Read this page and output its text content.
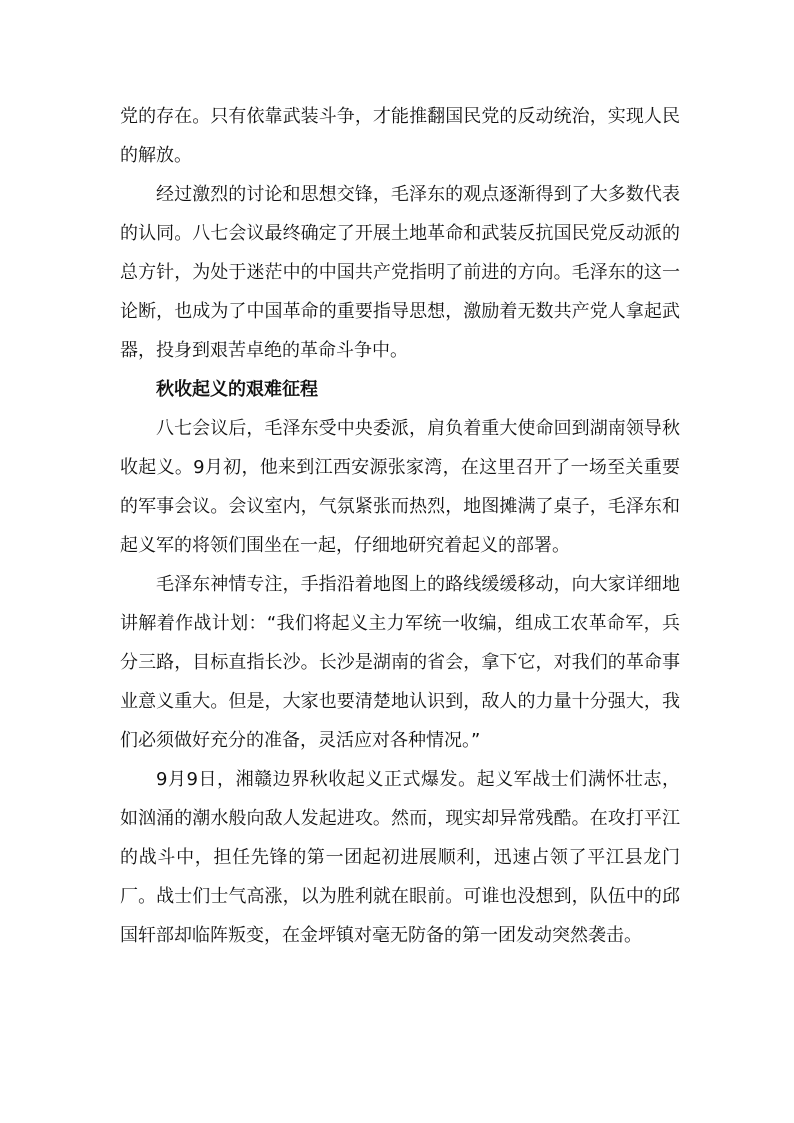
党的存在。只有依靠武装斗争，才能推翻国民党的反动统治，实现人民的解放。

经过激烈的讨论和思想交锋，毛泽东的观点逐渐得到了大多数代表的认同。八七会议最终确定了开展土地革命和武装反抗国民党反动派的总方针，为处于迷茫中的中国共产党指明了前进的方向。毛泽东的这一论断，也成为了中国革命的重要指导思想，激励着无数共产党人拿起武器，投身到艰苦卓绝的革命斗争中。

秋收起义的艰难征程

八七会议后，毛泽东受中央委派，肩负着重大使命回到湖南领导秋收起义。9月初，他来到江西安源张家湾，在这里召开了一场至关重要的军事会议。会议室内，气氛紧张而热烈，地图摊满了桌子，毛泽东和起义军的将领们围坐在一起，仔细地研究着起义的部署。

毛泽东神情专注，手指沿着地图上的路线缓缓移动，向大家详细地讲解着作战计划：“我们将起义主力军统一收编，组成工农革命军，兵分三路，目标直指长沙。长沙是湖南的省会，拿下它，对我们的革命事业意义重大。但是，大家也要清楚地认识到，敌人的力量十分强大，我们必须做好充分的准备，灵活应对各种情况。”

9月9日，湘赣边界秋收起义正式爆发。起义军战士们满怀壮志，如汹涌的潮水般向敌人发起进攻。然而，现实却异常残酷。在攻打平江的战斗中，担任先锋的第一团起初进展顺利，迅速占领了平江县龙门厂。战士们士气高涨，以为胜利就在眼前。可谁也没想到，队伍中的邱国轩部却临阵叛变，在金坪镇对毫无防备的第一团发动突然袭击。
